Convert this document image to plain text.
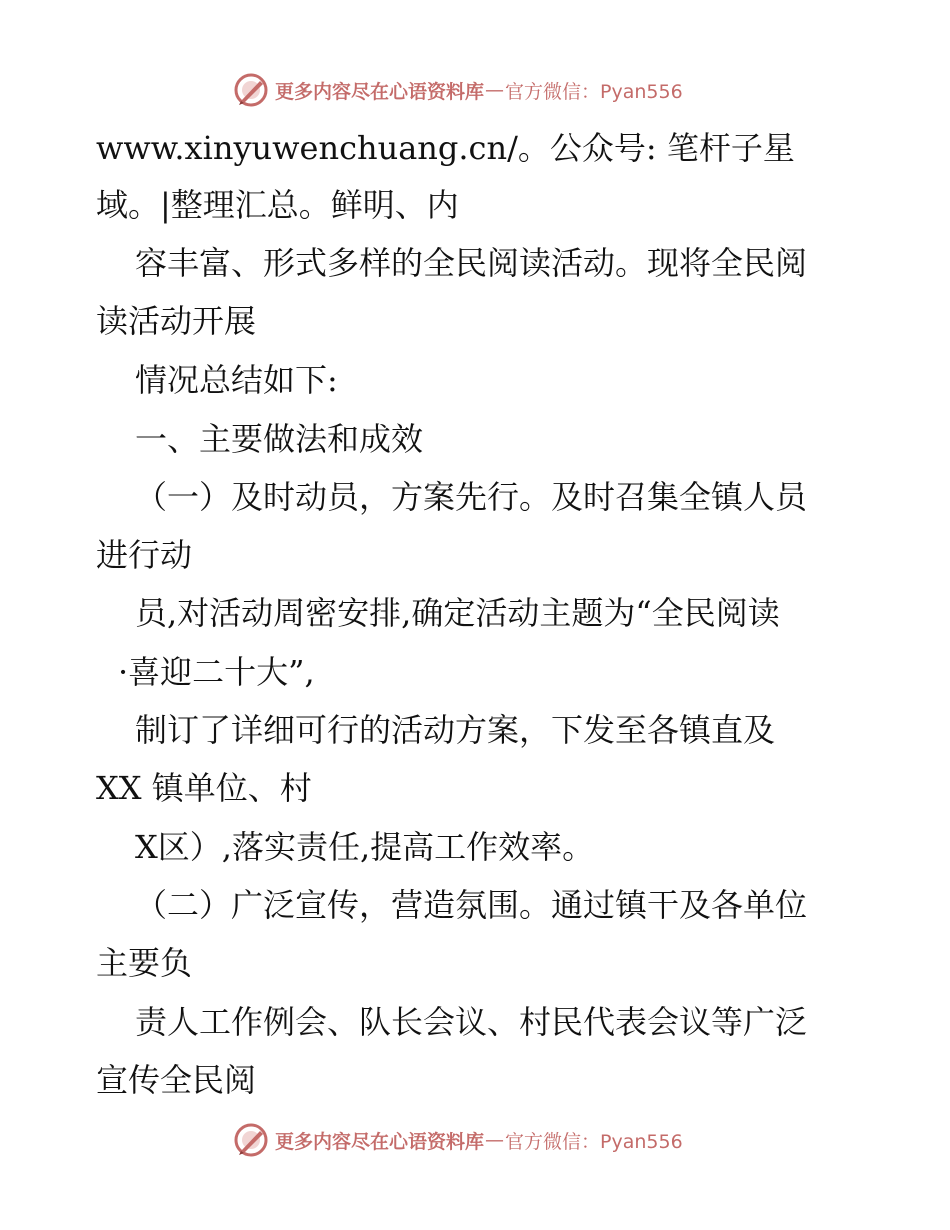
更多内容尽在心语资料库 — 官方微信：Pyan556
www.xinyuwenchuang.cn/。公众号: 笔杆子星
域。|整理汇总。鲜明、内
容丰富、形式多样的全民阅读活动。现将全民阅
读活动开展
情况总结如下:
一、主要做法和成效
（一）及时动员，方案先行。及时召集全镇人员
进行动
员,对活动周密安排,确定活动主题为“全民阅读
·喜迎二十大”,
制订了详细可行的活动方案，下发至各镇直及
XX 镇单位、村
X区）,落实责任,提高工作效率。
（二）广泛宣传，营造氛围。通过镇干及各单位
主要负
责人工作例会、队长会议、村民代表会议等广泛
宣传全民阅
更多内容尽在心语资料库 — 官方微信：Pyan556
